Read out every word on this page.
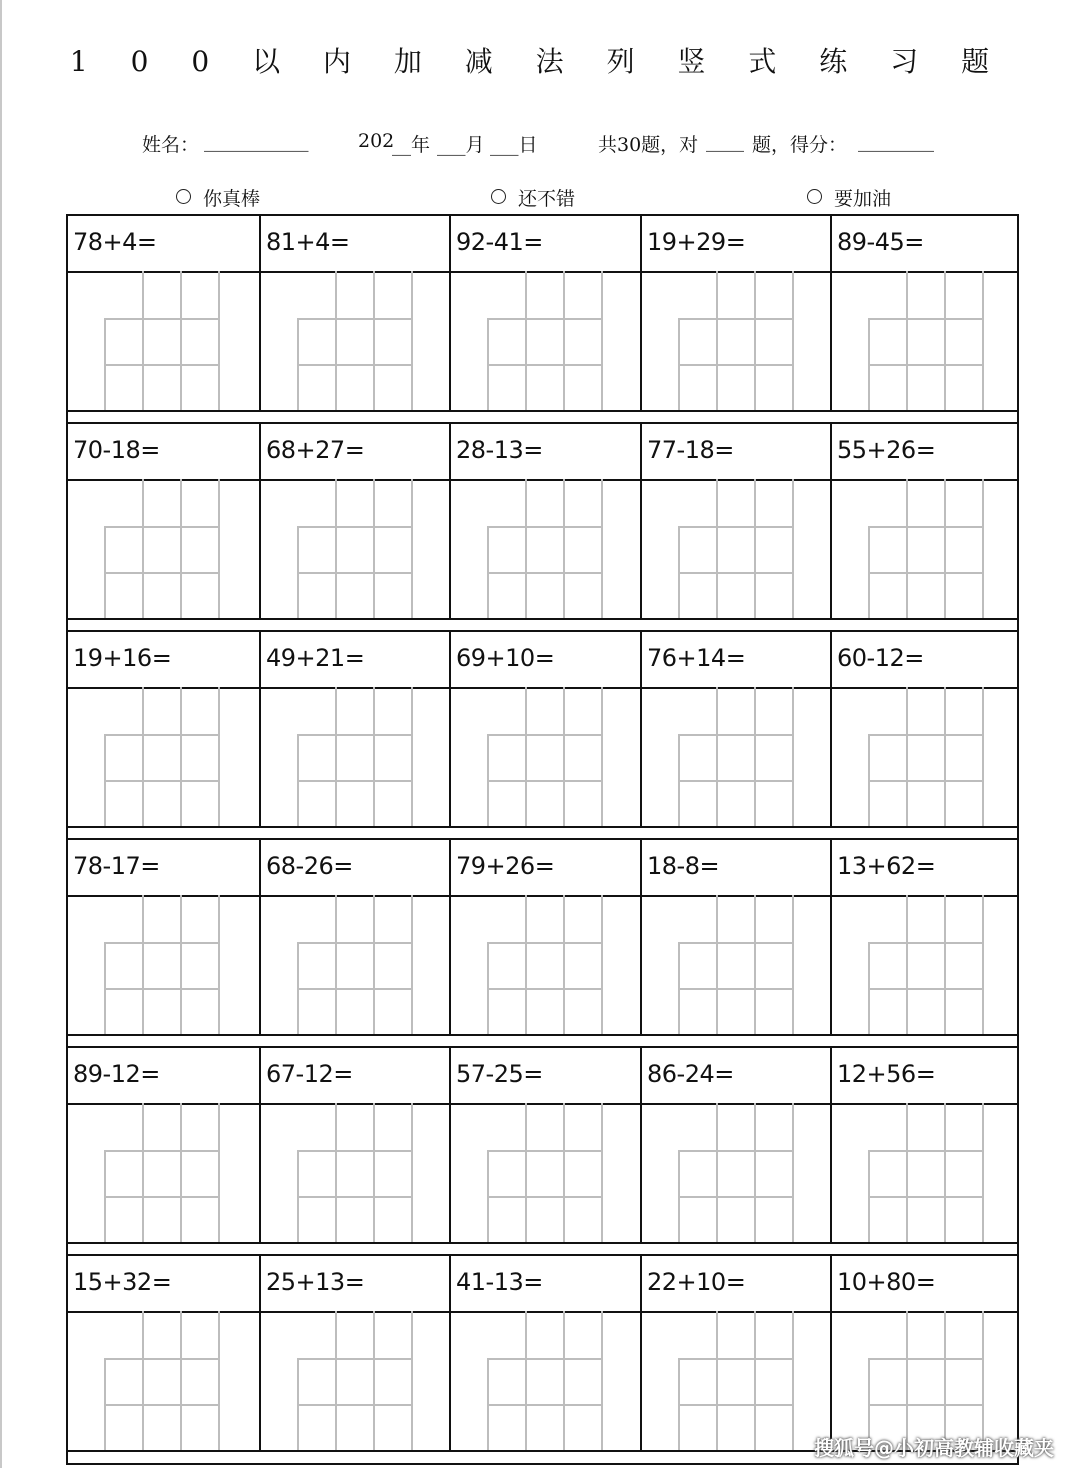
1 0 0 以 内 加 减 法 列 竖 式 练 习 题
姓名： ___________	202
__年 ___月 ___日	共30题，对 ____ 题，得分： ________
你真棒	还不错	要加油
78+4=	81+4=	92-41=	19+29=	89-45=
70-18=	68+27=	28-13=	77-18=	55+26=
19+16=	49+21=	69+10=	76+14=	60-12=
78-17=	68-26=	79+26=	18-8=	13+62=
89-12=	67-12=	57-25=	86-24=	12+56=
15+32=	25+13=	41-13=	22+10=	10+80=
搜狐号@小初高教辅收藏夹
